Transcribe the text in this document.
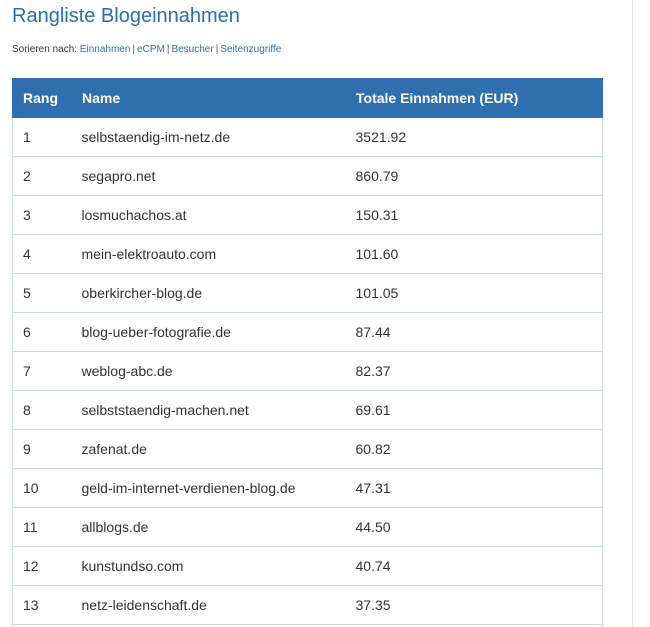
Rangliste Blogeinnahmen
Sorieren nach: Einnahmen | eCPM | Besucher | Seitenzugriffe
Rang	Name	Totale Einnahmen (EUR)
1	selbstaendig-im-netz.de	3521.92
2	segapro.net	860.79
3	losmuchachos.at	150.31
4	mein-elektroauto.com	101.60
5	oberkircher-blog.de	101.05
6	blog-ueber-fotografie.de	87.44
7	weblog-abc.de	82.37
8	selbststaendig-machen.net	69.61
9	zafenat.de	60.82
10	geld-im-internet-verdienen-blog.de	47.31
11	allblogs.de	44.50
12	kunstundso.com	40.74
13	netz-leidenschaft.de	37.35
